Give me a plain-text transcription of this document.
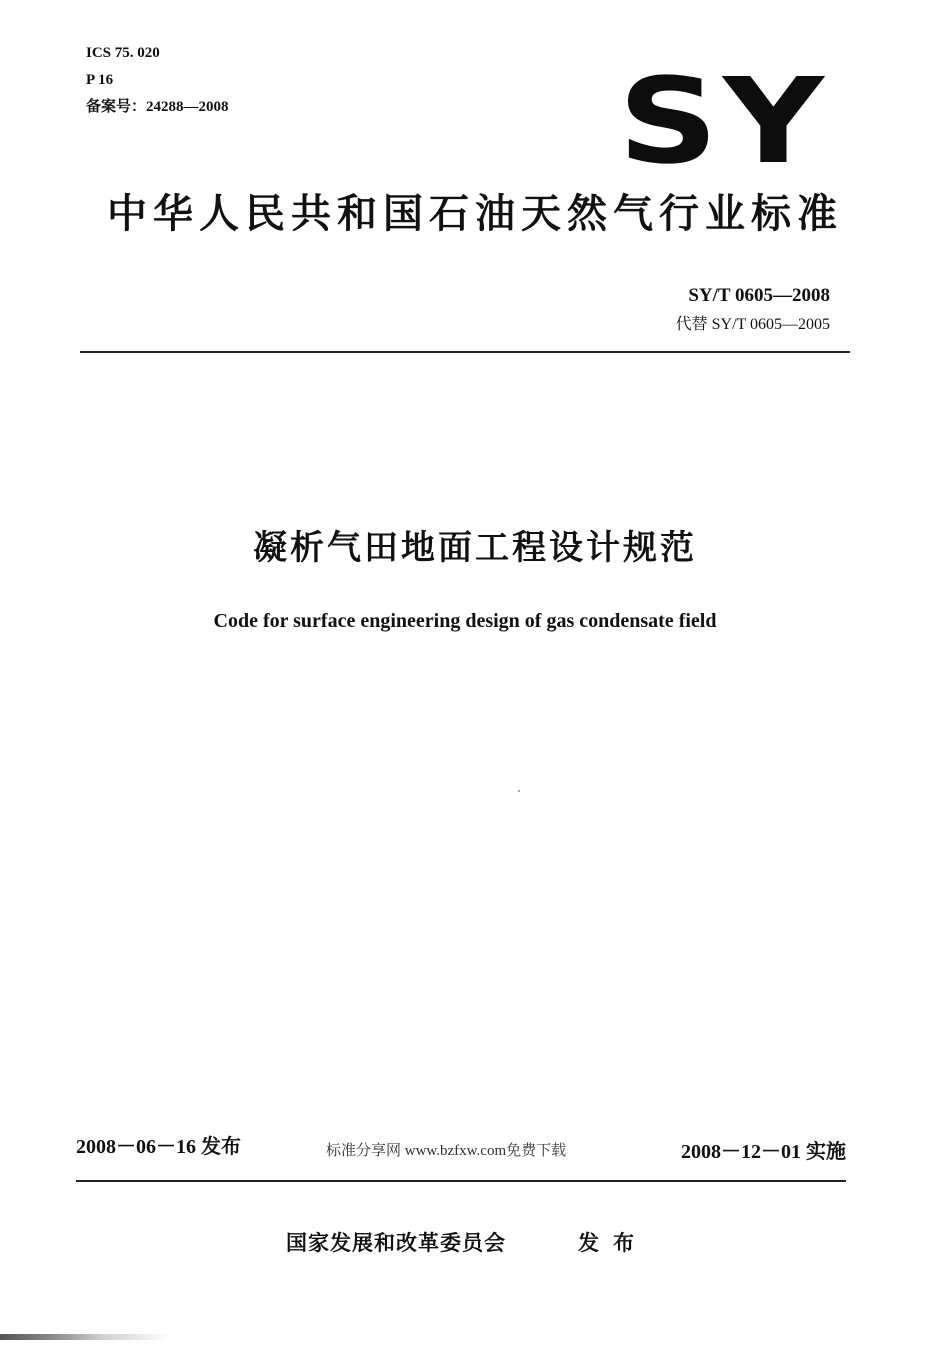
ICS 75. 020
P 16
备案号：24288—2008	SY
中华人民共和国石油天然气行业标准
SY/T 0605—2008
代替 SY/T 0605—2005
凝析气田地面工程设计规范
Code for surface engineering design of gas condensate field
2008－06－16 发布	标准分享网 www.bzfxw.com免费下载	2008－12－01 实施
国家发展和改革委员会	发布
